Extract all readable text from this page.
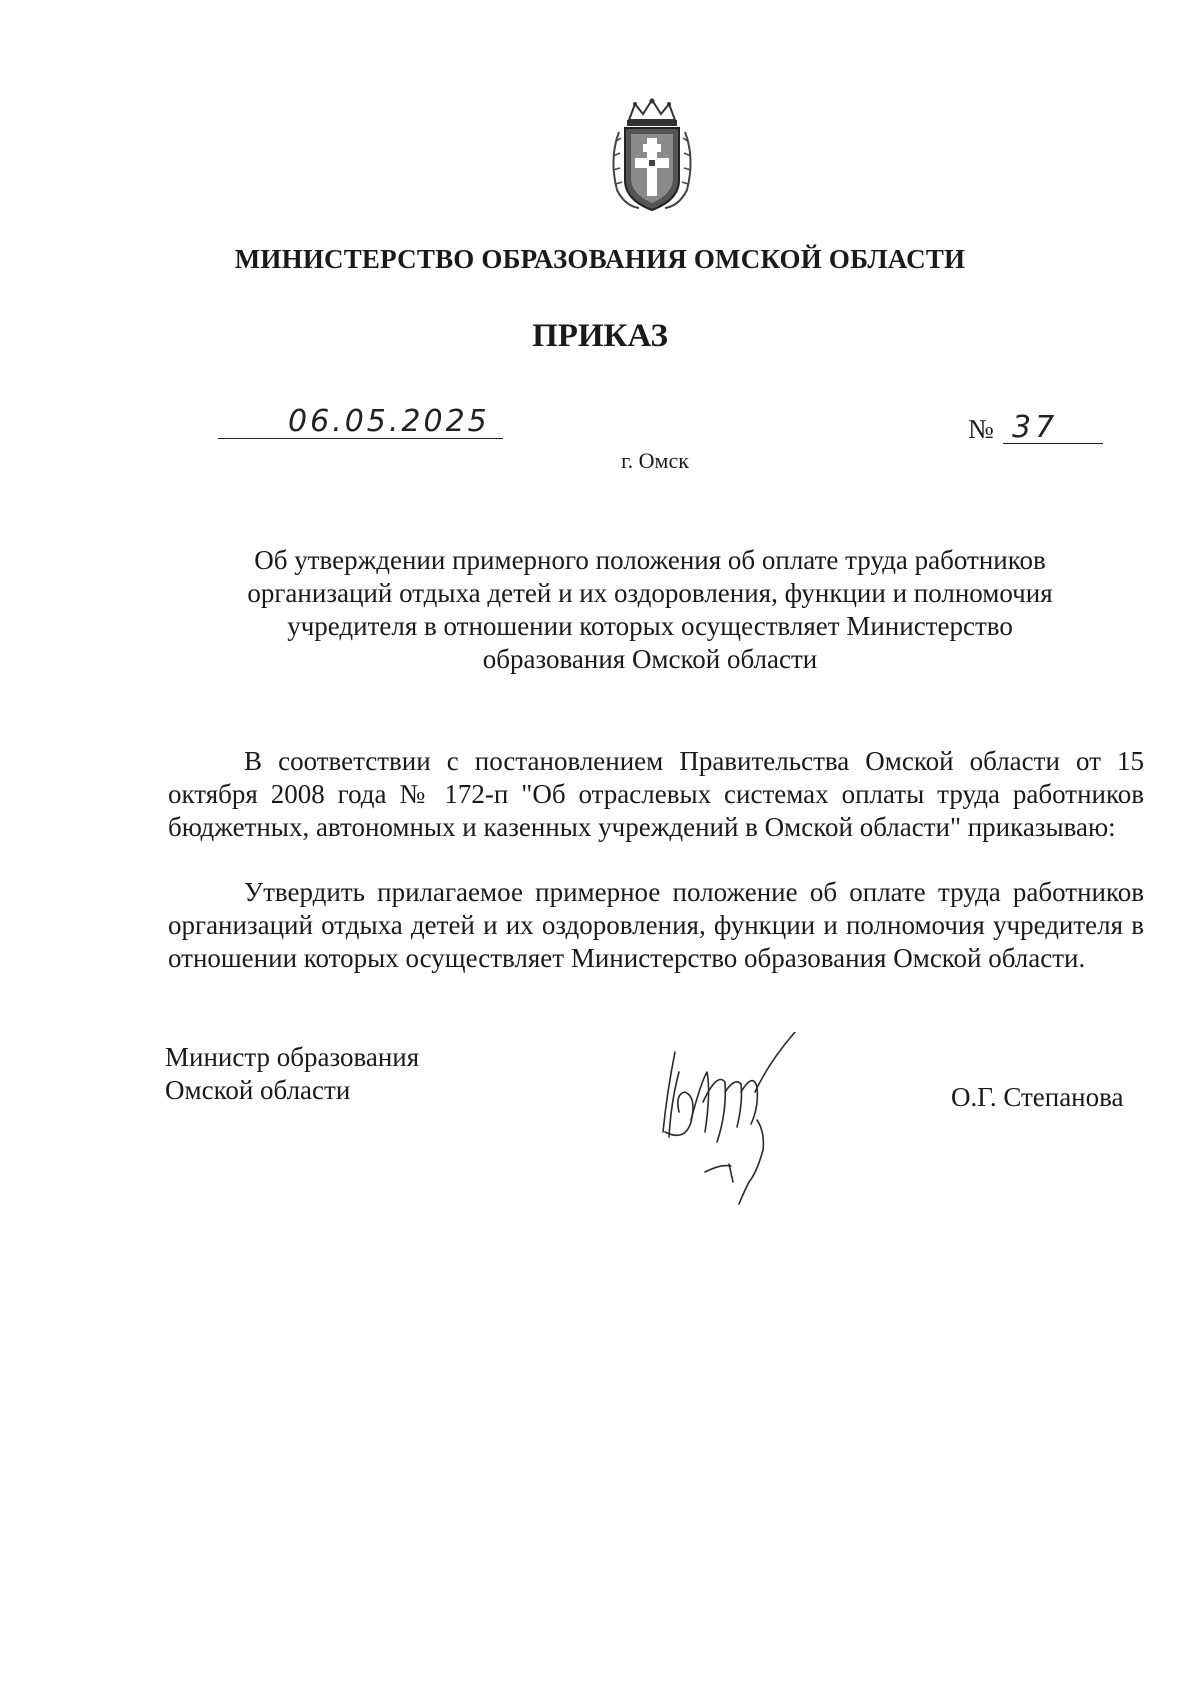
МИНИСТЕРСТВО ОБРАЗОВАНИЯ ОМСКОЙ ОБЛАСТИ
ПРИКАЗ
06.05.2025	№ 37
г. Омск
Об утверждении примерного положения об оплате труда работников
организаций отдыха детей и их оздоровления, функции и полномочия
учредителя в отношении которых осуществляет Министерство
образования Омской области

В соответствии с постановлением Правительства Омской области от 15 октября 2008 года № 172-п "Об отраслевых системах оплаты труда работников бюджетных, автономных и казенных учреждений в Омской области" приказываю:

Утвердить прилагаемое примерное положение об оплате труда работников организаций отдыха детей и их оздоровления, функции и полномочия учредителя в отношении которых осуществляет Министерство образования Омской области.

Министр образования
Омской области	О.Г. Степанова
